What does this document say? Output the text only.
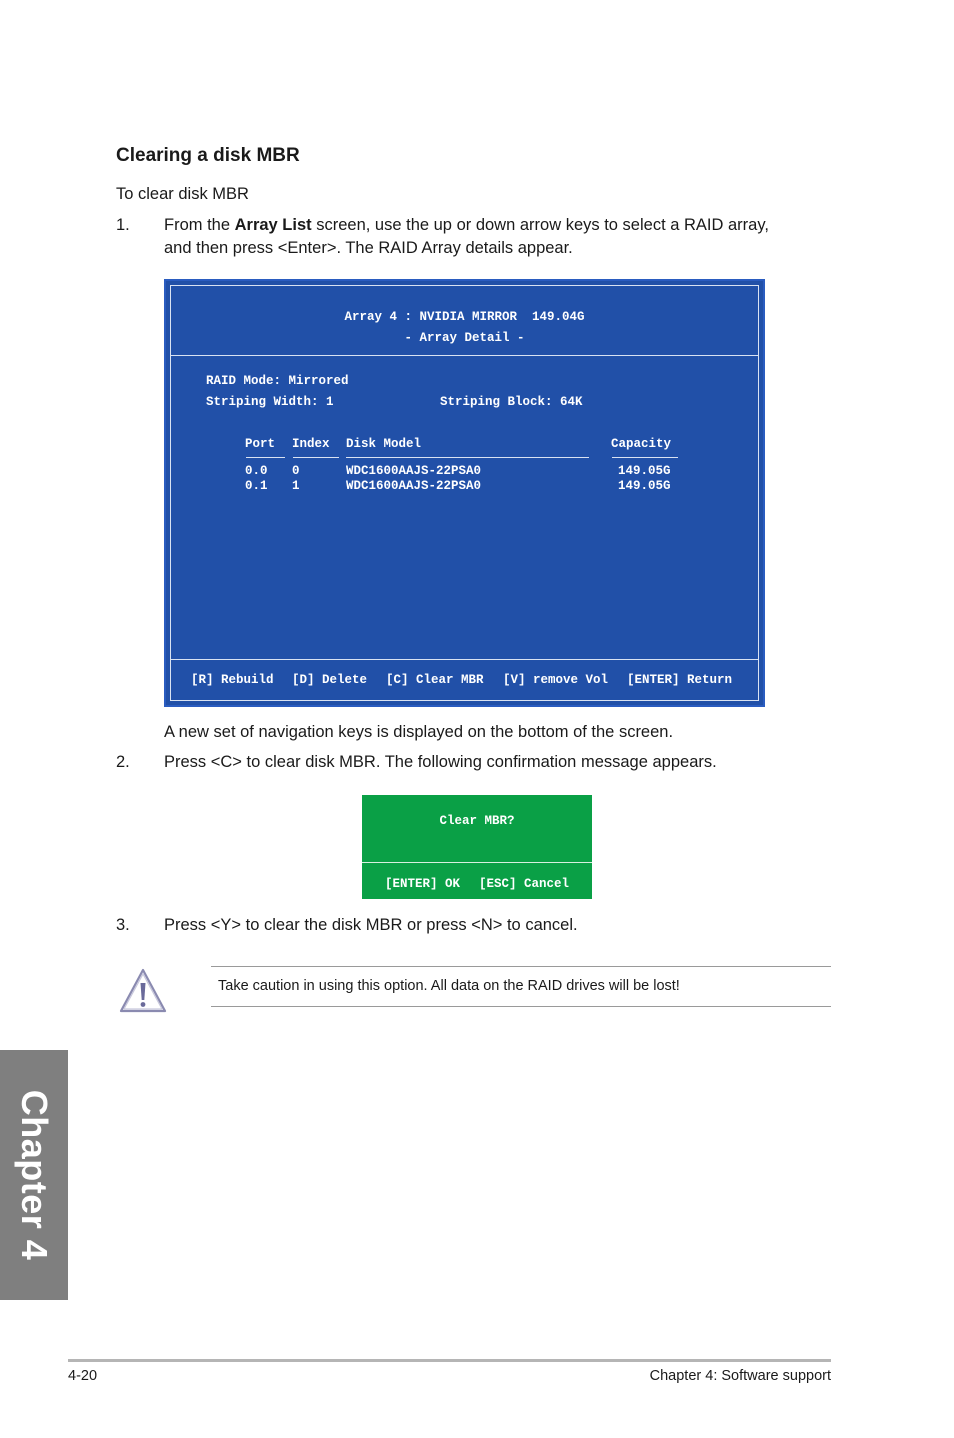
Clearing a disk MBR
To clear disk MBR
1. From the Array List screen, use the up or down arrow keys to select a RAID array,
and then press <Enter>. The RAID Array details appear.
Array 4 : NVIDIA MIRROR  149.04G
- Array Detail -
RAID Mode: Mirrored
Striping Width: 1	Striping Block: 64K
Port Index Disk Model	Capacity
0.0 0	WDC1600AAJS-22PSA0	149.05G
0.1 1	WDC1600AAJS-22PSA0	149.05G
[R] Rebuild [D] Delete [C] Clear MBR [V] remove Vol [ENTER] Return
A new set of navigation keys is displayed on the bottom of the screen.
2. Press <C> to clear disk MBR. The following confirmation message appears.
Clear MBR?
[ENTER] OK [ESC] Cancel
3. Press <Y> to clear the disk MBR or press <N> to cancel.
Take caution in using this option. All data on the RAID drives will be lost!
Chapter 4
4-20	Chapter 4: Software support
